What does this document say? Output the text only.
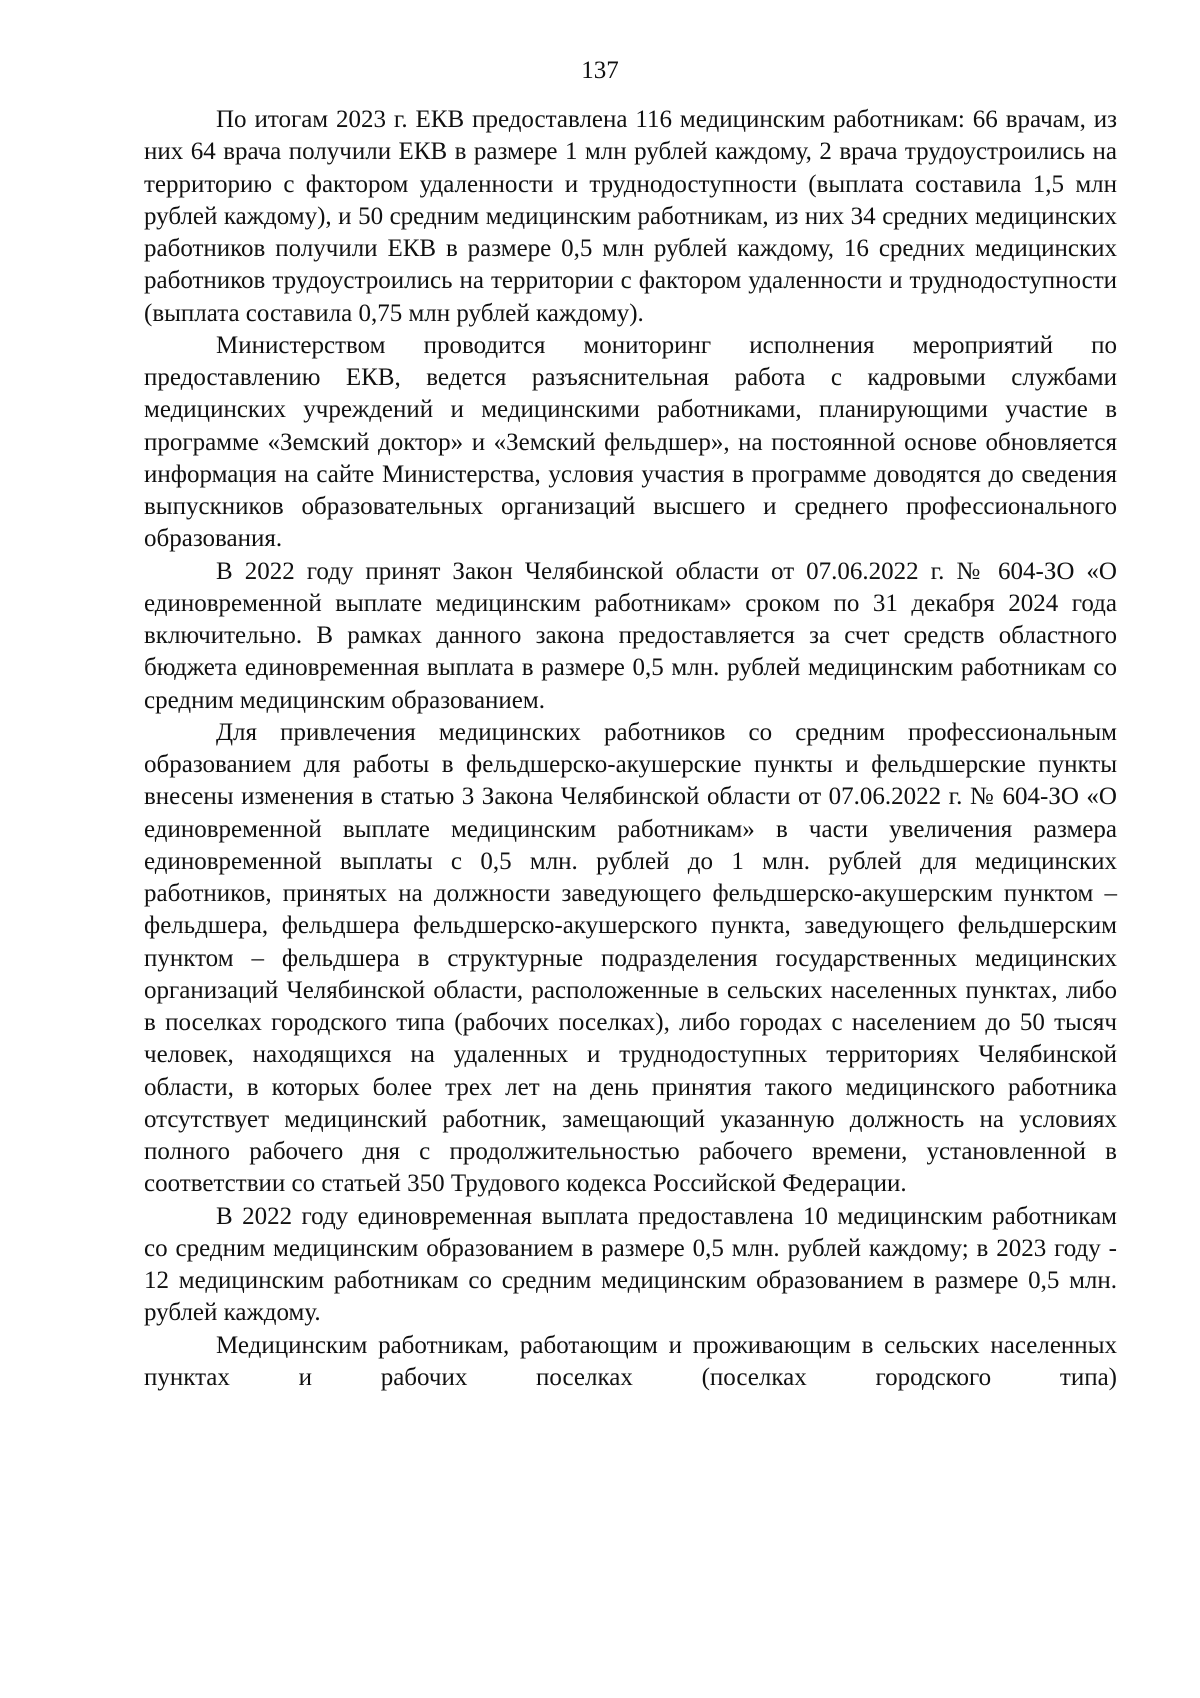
137

По итогам 2023 г. ЕКВ предоставлена 116 медицинским работникам: 66 врачам, из них 64 врача получили ЕКВ в размере 1 млн рублей каждому, 2 врача трудоустроились на территорию с фактором удаленности и труднодоступности (выплата составила 1,5 млн рублей каждому), и 50 средним медицинским работникам, из них 34 средних медицинских работников получили ЕКВ в размере 0,5 млн рублей каждому, 16 средних медицинских работников трудоустроились на территории с фактором удаленности и труднодоступности (выплата составила 0,75 млн рублей каждому).

Министерством проводится мониторинг исполнения мероприятий по предоставлению ЕКВ, ведется разъяснительная работа с кадровыми службами медицинских учреждений и медицинскими работниками, планирующими участие в программе «Земский доктор» и «Земский фельдшер», на постоянной основе обновляется информация на сайте Министерства, условия участия в программе доводятся до сведения выпускников образовательных организаций высшего и среднего профессионального образования.

В 2022 году принят Закон Челябинской области от 07.06.2022 г. № 604-ЗО «О единовременной выплате медицинским работникам» сроком по 31 декабря 2024 года включительно. В рамках данного закона предоставляется за счет средств областного бюджета единовременная выплата в размере 0,5 млн. рублей медицинским работникам со средним медицинским образованием.

Для привлечения медицинских работников со средним профессиональным образованием для работы в фельдшерско-акушерские пункты и фельдшерские пункты внесены изменения в статью 3 Закона Челябинской области от 07.06.2022 г. № 604-ЗО «О единовременной выплате медицинским работникам» в части увеличения размера единовременной выплаты с 0,5 млн. рублей до 1 млн. рублей для медицинских работников, принятых на должности заведующего фельдшерско-акушерским пунктом – фельдшера, фельдшера фельдшерско-акушерского пункта, заведующего фельдшерским пунктом – фельдшера в структурные подразделения государственных медицинских организаций Челябинской области, расположенные в сельских населенных пунктах, либо в поселках городского типа (рабочих поселках), либо городах с населением до 50 тысяч человек, находящихся на удаленных и труднодоступных территориях Челябинской области, в которых более трех лет на день принятия такого медицинского работника отсутствует медицинский работник, замещающий указанную должность на условиях полного рабочего дня с продолжительностью рабочего времени, установленной в соответствии со статьей 350 Трудового кодекса Российской Федерации.

В 2022 году единовременная выплата предоставлена 10 медицинским работникам со средним медицинским образованием в размере 0,5 млн. рублей каждому; в 2023 году - 12 медицинским работникам со средним медицинским образованием в размере 0,5 млн. рублей каждому.

Медицинским работникам, работающим и проживающим в сельских населенных пунктах и рабочих поселках (поселках городского типа)
